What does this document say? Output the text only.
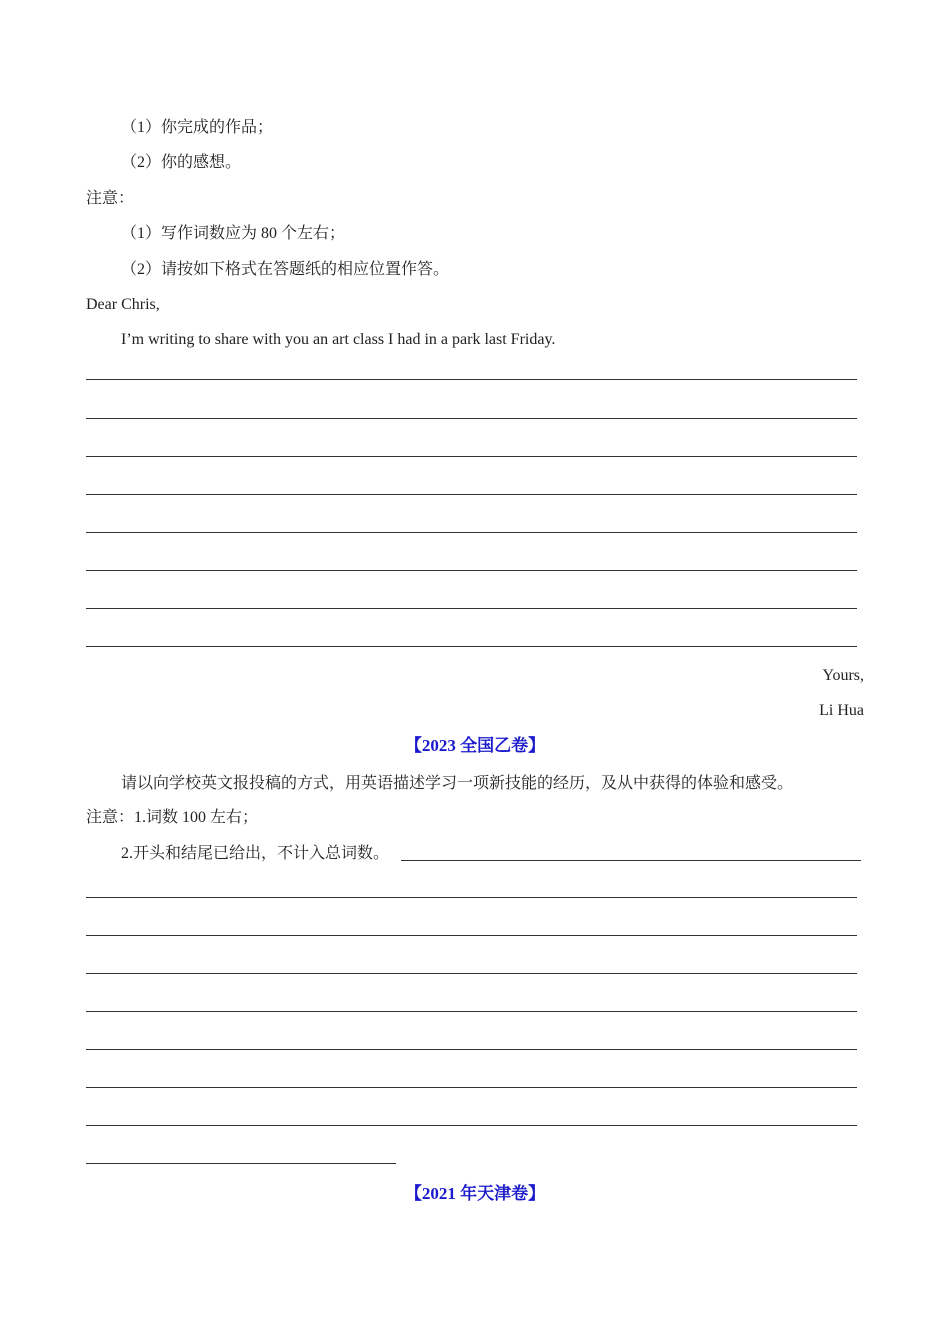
（1）你完成的作品；
（2）你的感想。
注意：
（1）写作词数应为 80 个左右；
（2）请按如下格式在答题纸的相应位置作答。
Dear Chris,
I’m writing to share with you an art class I had in a park last Friday.
Yours,
Li Hua
【2023 全国乙卷】
请以向学校英文报投稿的方式，用英语描述学习一项新技能的经历，及从中获得的体验和感受。
注意：1.词数 100 左右；
2.开头和结尾已给出，不计入总词数。
【2021 年天津卷】
